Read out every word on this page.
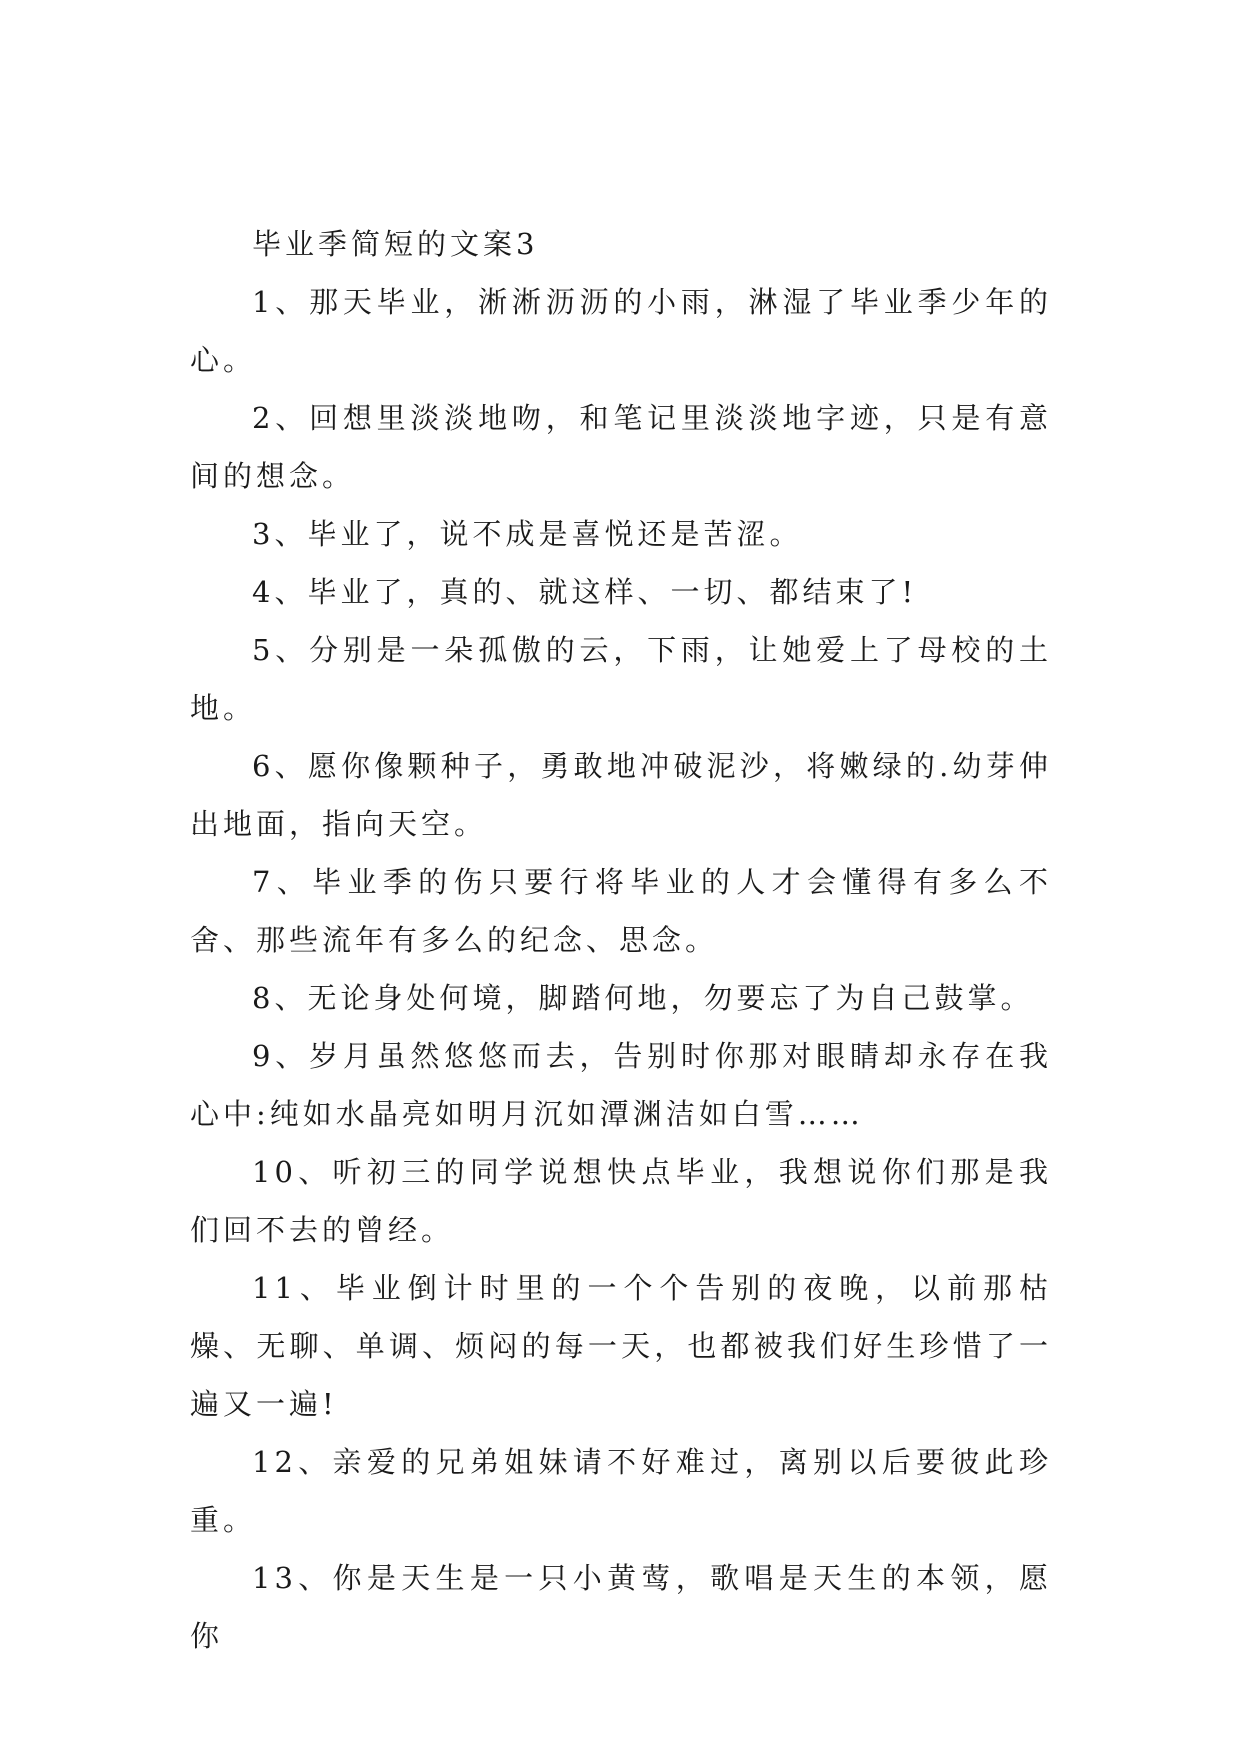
毕业季简短的文案3

1、那天毕业，淅淅沥沥的小雨，淋湿了毕业季少年的心。

2、回想里淡淡地吻，和笔记里淡淡地字迹，只是有意间的想念。

3、毕业了，说不成是喜悦还是苦涩。

4、毕业了，真的、就这样、一切、都结束了!

5、分别是一朵孤傲的云，下雨，让她爱上了母校的土地。

6、愿你像颗种子，勇敢地冲破泥沙，将嫩绿的.幼芽伸出地面，指向天空。

7、毕业季的伤只要行将毕业的人才会懂得有多么不舍、那些流年有多么的纪念、思念。

8、无论身处何境，脚踏何地，勿要忘了为自己鼓掌。

9、岁月虽然悠悠而去，告别时你那对眼睛却永存在我心中:纯如水晶亮如明月沉如潭渊洁如白雪……

10、听初三的同学说想快点毕业，我想说你们那是我们回不去的曾经。

11、毕业倒计时里的一个个告别的夜晚，以前那枯燥、无聊、单调、烦闷的每一天，也都被我们好生珍惜了一遍又一遍!

12、亲爱的兄弟姐妹请不好难过，离别以后要彼此珍重。

13、你是天生是一只小黄莺，歌唱是天生的本领，愿你
